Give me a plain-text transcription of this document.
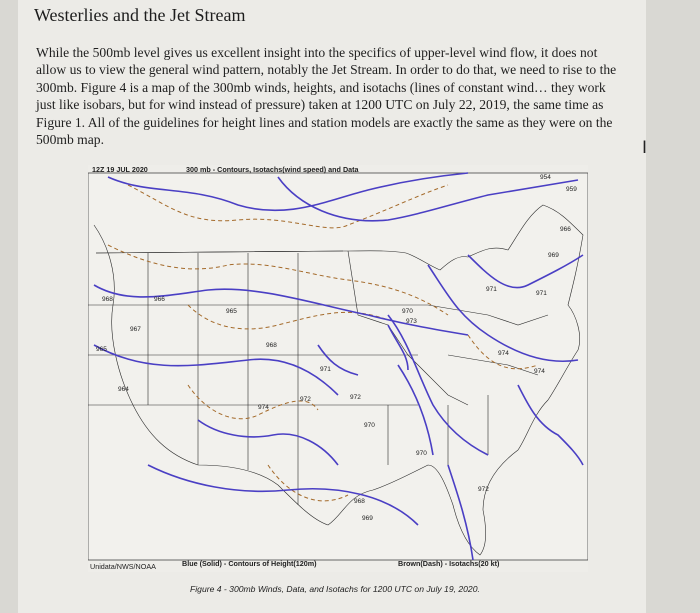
Westerlies and the Jet Stream
While the 500mb level gives us excellent insight into the specifics of upper-level wind flow, it does not allow us to view the general wind pattern, notably the Jet Stream. In order to do that, we need to rise to the 300mb. Figure 4 is a map of the 300mb winds, heights, and isotachs (lines of constant wind… they work just like isobars, but for wind instead of pressure) taken at 1200 UTC on July 22, 2019, the same time as Figure 1. All of the guidelines for height lines and station models are exactly the same as they were on the 500mb map.	I
12Z 19 JUL 2020	300 mb - Contours, Isotachs(wind speed) and Data
954
959
966
969
971
971
974
974
968	966
965
967
968
965
971
972
973
970
970
964
974
972
969
968
972
970
Unidata/NWS/NOAA	Blue (Solid) - Contours of Height(120m)	Brown(Dash) - Isotachs(20 kt)
Figure 4 - 300mb Winds, Data, and Isotachs for 1200 UTC on July 19, 2020.
